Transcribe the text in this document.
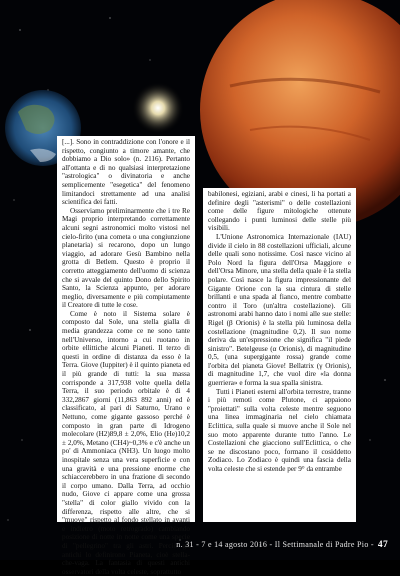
[...]. Sono in contraddizione con l'onore e il rispetto, congiunto a timore amante, che dobbiamo a Dio solo» (n. 2116). Pertanto all'ottanta e di no qualsiasi interpretazione "astrologica" o divinatoria e anche semplicemente "esegetica" del fenomeno limitandoci strettamente ad una analisi scientifica dei fatti.

Osserviamo preliminarmente che i tre Re Magi proprio interpretando correttamente alcuni segni astronomici molto vistosi nel cielo-firito (una cometa o una congiunzione planetaria) si recarono, dopo un lungo viaggio, ad adorare Gesù Bambino nella grotta di Betlem. Questo è proprio il corretto atteggiamento dell'uomo di scienza che si avvale del quinto Dono dello Spirito Santo, la Scienza appunto, per adorare meglio, diversamente e più compiutamente il Creatore di tutte le cose.

Come è noto il Sistema solare è composto dal Sole, una stella gialla di media grandezza come ce ne sono tante nell'Universo, intorno a cui ruotano in orbite ellittiche alcuni Pianeti. Il terzo di questi in ordine di distanza da esso è la Terra. Giove (Iuppiter) è il quinto pianeta ed il più grande di tutti: la sua massa corrisponde a 317,938 volte quella della Terra, il suo periodo orbitale è di 4 332,2867 giorni (11,863 892 anni) ed è classificato, al pari di Saturno, Urano e Nettuno, come gigante gassoso perché è composto in gran parte di Idrogeno molecolare (H2)89,8 ± 2,0%, Elio (He)10,2 ± 2,0%, Metano (CH4)~0,3% e c'è anche un po' di Ammoniaca (NH3). Un luogo molto inospitale senza una vera superficie e con una gravità e una pressione enorme che schiaccerebbero in una frazione di secondo il corpo umano. Dalla Terra, ad occhio nudo, Giove ci appare come una grossa "stella" di color giallo vivido con la differenza, rispetto alle altre, che si "muove" rispetto al fondo stellato in avanti e indietro (moto retrogrado) cambiando posizione di notte in notte come una specie di "pellegrino" tra gli astri. Perciò gli antichi lo definirono Pianeta, cioè stella-che-vaga. La fantasia di questi antichi osservatori della volta celeste, soprattutto

babilonesi, egiziani, arabi e cinesi, li ha portati a definire degli "asterismi" o delle costellazioni come delle figure mitologiche ottenute collegando i punti luminosi delle stelle più visibili.

L'Unione Astronomica Internazionale (IAU) divide il cielo in 88 costellazioni ufficiali, alcune delle quali sono notissime. Così nasce vicino al Polo Nord la figura dell'Orsa Maggiore e dell'Orsa Minore, una stella della quale è la stella polare. Così nasce la figura impressionante del Gigante Orione con la sua cintura di stelle brillanti e una spada al fianco, mentre combatte contro il Toro (un'altra costellazione). Gli astronomi arabi hanno dato i nomi alle sue stelle: Rigel (β Orionis) è la stella più luminosa della costellazione (magnitudine 0,2). Il suo nome deriva da un'espressione che significa "il piede sinistro". Betelgeuse (α Orionis), di magnitudine 0,5, (una supergigante rossa) grande come l'orbita del pianeta Giove! Bellatrix (γ Orionis), di magnitudine 1,7, che vuol dire «la donna guerriera» e forma la sua spalla sinistra.

Tutti i Pianeti esterni all'orbita terrestre, tranne i più remoti come Plutone, ci appaiono "proiettati" sulla volta celeste mentre seguono una linea immaginaria nel cielo chiamata Eclittica, sulla quale si muove anche il Sole nel suo moto apparente durante tutto l'anno. Le Costellazioni che giacciono sull'Eclittica, o che se ne discostano poco, formano il cosiddetto Zodiaco. Lo Zodiaco è quindi una fascia della volta celeste che si estende per 9° da entrambe

n. 31 - 7 e 14 agosto 2016 - Il Settimanale di Padre Pio - 47
